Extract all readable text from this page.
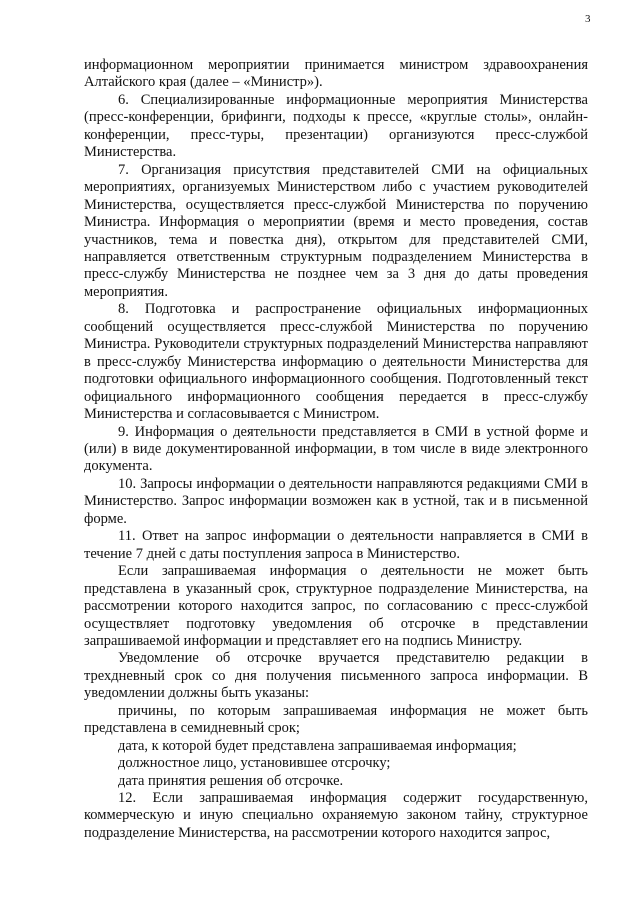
3

информационном мероприятии принимается министром здравоохранения Алтайского края (далее – «Министр»).

6. Специализированные информационные мероприятия Министерства (пресс-конференции, брифинги, подходы к прессе, «круглые столы», онлайн-конференции, пресс-туры, презентации) организуются пресс-службой Министерства.

7. Организация присутствия представителей СМИ на официальных мероприятиях, организуемых Министерством либо с участием руководителей Министерства, осуществляется пресс-службой Министерства по поручению Министра. Информация о мероприятии (время и место проведения, состав участников, тема и повестка дня), открытом для представителей СМИ, направляется ответственным структурным подразделением Министерства в пресс-службу Министерства не позднее чем за 3 дня до даты проведения мероприятия.

8. Подготовка и распространение официальных информационных сообщений осуществляется пресс-службой Министерства по поручению Министра. Руководители структурных подразделений Министерства направляют в пресс-службу Министерства информацию о деятельности Министерства для подготовки официального информационного сообщения. Подготовленный текст официального информационного сообщения передается в пресс-службу Министерства и согласовывается с Министром.

9. Информация о деятельности представляется в СМИ в устной форме и (или) в виде документированной информации, в том числе в виде электронного документа.

10. Запросы информации о деятельности направляются редакциями СМИ в Министерство. Запрос информации возможен как в устной, так и в письменной форме.

11. Ответ на запрос информации о деятельности направляется в СМИ в течение 7 дней с даты поступления запроса в Министерство.

Если запрашиваемая информация о деятельности не может быть представлена в указанный срок, структурное подразделение Министерства, на рассмотрении которого находится запрос, по согласованию с пресс-службой осуществляет подготовку уведомления об отсрочке в представлении запрашиваемой информации и представляет его на подпись Министру.

Уведомление об отсрочке вручается представителю редакции в трехдневный срок со дня получения письменного запроса информации. В уведомлении должны быть указаны:

причины, по которым запрашиваемая информация не может быть представлена в семидневный срок;

дата, к которой будет представлена запрашиваемая информация;

должностное лицо, установившее отсрочку;

дата принятия решения об отсрочке.

12. Если запрашиваемая информация содержит государственную, коммерческую и иную специально охраняемую законом тайну, структурное подразделение Министерства, на рассмотрении которого находится запрос,
